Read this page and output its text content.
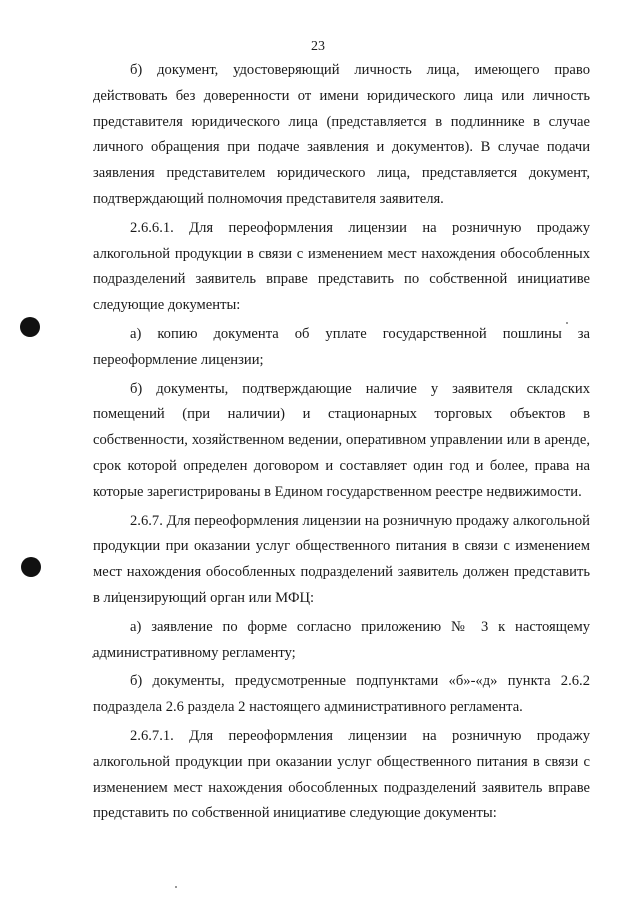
23

б) документ, удостоверяющий личность лица, имеющего право действовать без доверенности от имени юридического лица или личность представителя юридического лица (представляется в подлиннике в случае личного обращения при подаче заявления и документов). В случае подачи заявления представителем юридического лица, представляется документ, подтверждающий полномочия представителя заявителя.

2.6.6.1. Для переоформления лицензии на розничную продажу алкогольной продукции в связи с изменением мест нахождения обособленных подразделений заявитель вправе представить по собственной инициативе следующие документы:

а) копию документа об уплате государственной пошлины за переоформление лицензии;

б) документы, подтверждающие наличие у заявителя складских помещений (при наличии) и стационарных торговых объектов в собственности, хозяйственном ведении, оперативном управлении или в аренде, срок которой определен договором и составляет один год и более, права на которые зарегистрированы в Едином государственном реестре недвижимости.

2.6.7. Для переоформления лицензии на розничную продажу алкогольной продукции при оказании услуг общественного питания в связи с изменением мест нахождения обособленных подразделений заявитель должен представить в лицензирующий орган или МФЦ:

а) заявление по форме согласно приложению № 3 к настоящему административному регламенту;

б) документы, предусмотренные подпунктами «б»-«д» пункта 2.6.2 подраздела 2.6 раздела 2 настоящего административного регламента.

2.6.7.1. Для переоформления лицензии на розничную продажу алкогольной продукции при оказании услуг общественного питания в связи с изменением мест нахождения обособленных подразделений заявитель вправе представить по собственной инициативе следующие документы:
